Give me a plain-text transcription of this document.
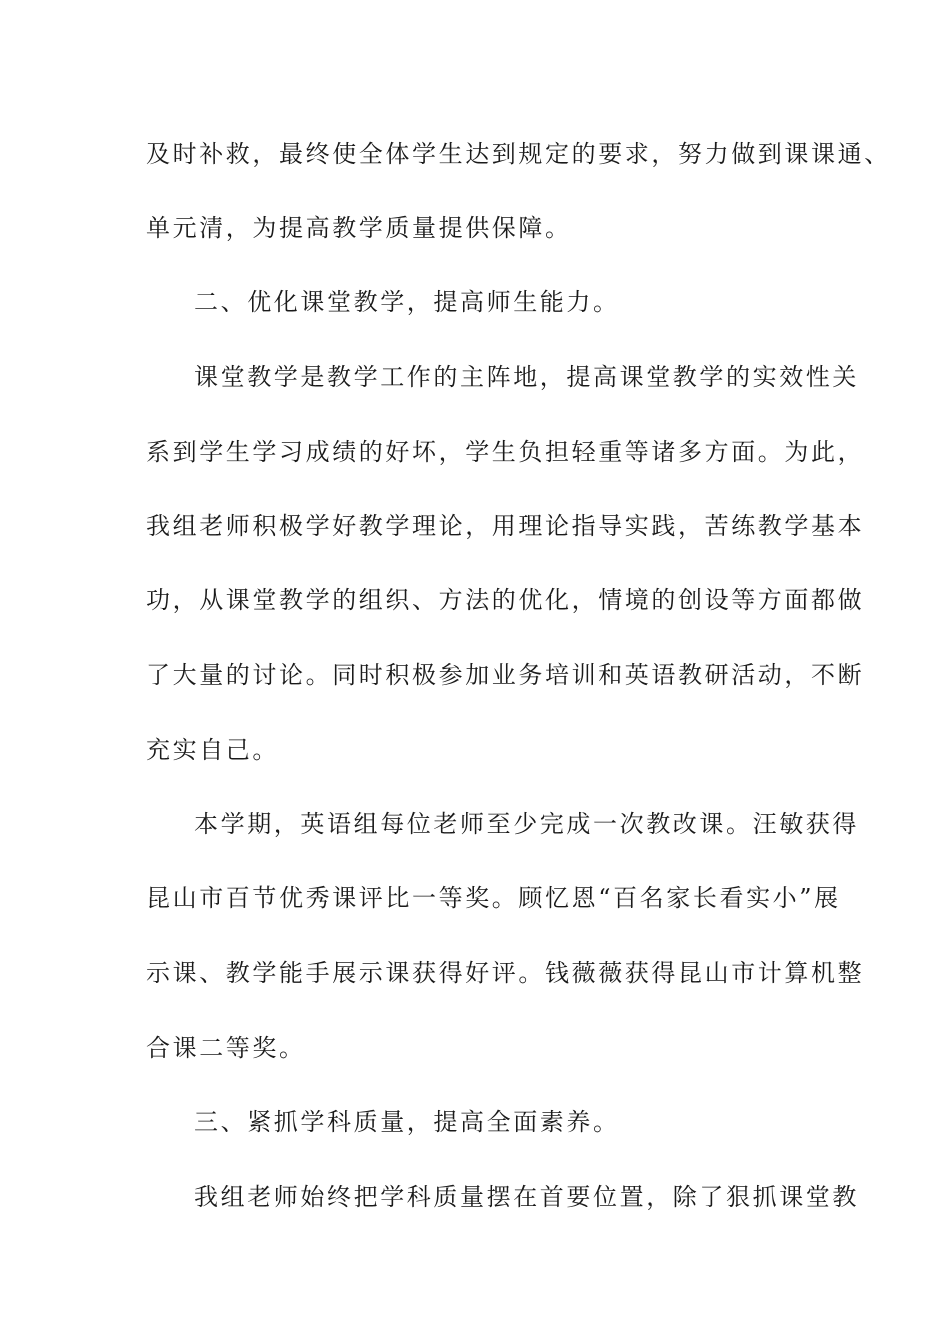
及时补救，最终使全体学生达到规定的要求，努力做到课课通、
单元清，为提高教学质量提供保障。
二、优化课堂教学，提高师生能力。
课堂教学是教学工作的主阵地，提高课堂教学的实效性关
系到学生学习成绩的好坏，学生负担轻重等诸多方面。为此，
我组老师积极学好教学理论，用理论指导实践，苦练教学基本
功，从课堂教学的组织、方法的优化，情境的创设等方面都做
了大量的讨论。同时积极参加业务培训和英语教研活动，不断
充实自己。
本学期，英语组每位老师至少完成一次教改课。汪敏获得
昆山市百节优秀课评比一等奖。顾忆恩“百名家长看实小”展
示课、教学能手展示课获得好评。钱薇薇获得昆山市计算机整
合课二等奖。
三、紧抓学科质量，提高全面素养。
我组老师始终把学科质量摆在首要位置，除了狠抓课堂教
